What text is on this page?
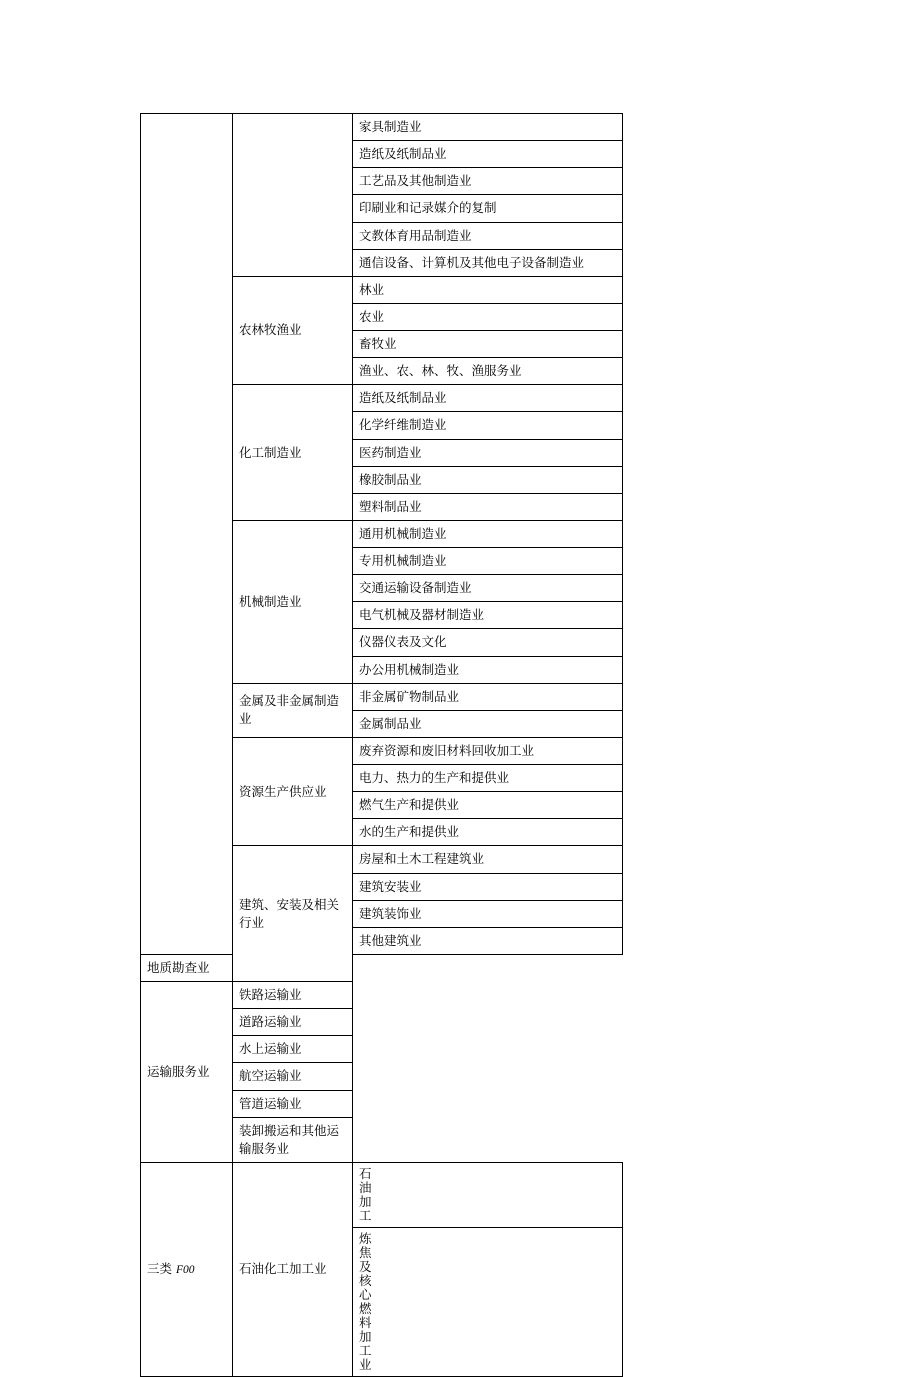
		家具制造业
		造纸及纸制品业
		工艺品及其他制造业
		印刷业和记录媒介的复制
		文教体育用品制造业
		通信设备、计算机及其他电子设备制造业
	农林牧渔业	林业
		农业
		畜牧业
		渔业、农、林、牧、渔服务业
	化工制造业	造纸及纸制品业
		化学纤维制造业
		医药制造业
		橡胶制品业
		塑料制品业
	机械制造业	通用机械制造业
		专用机械制造业
		交通运输设备制造业
		电气机械及器材制造业
		仪器仪表及文化
		办公用机械制造业
	金属及非金属制造业	非金属矿物制品业
		金属制品业
	资源生产供应业	废弃资源和废旧材料回收加工业
		电力、热力的生产和提供业
		燃气生产和提供业
		水的生产和提供业
	建筑、安装及相关行业	房屋和土木工程建筑业
		建筑安装业
		建筑装饰业
		其他建筑业
地质勘查业		
运输服务业	铁路运输业	
	道路运输业	
	水上运输业	
	航空运输业	
	管道运输业	
	装卸搬运和其他运输服务业	
三类 F00	石油化工加工业	石油加工

		炼焦及核心燃料加工业
